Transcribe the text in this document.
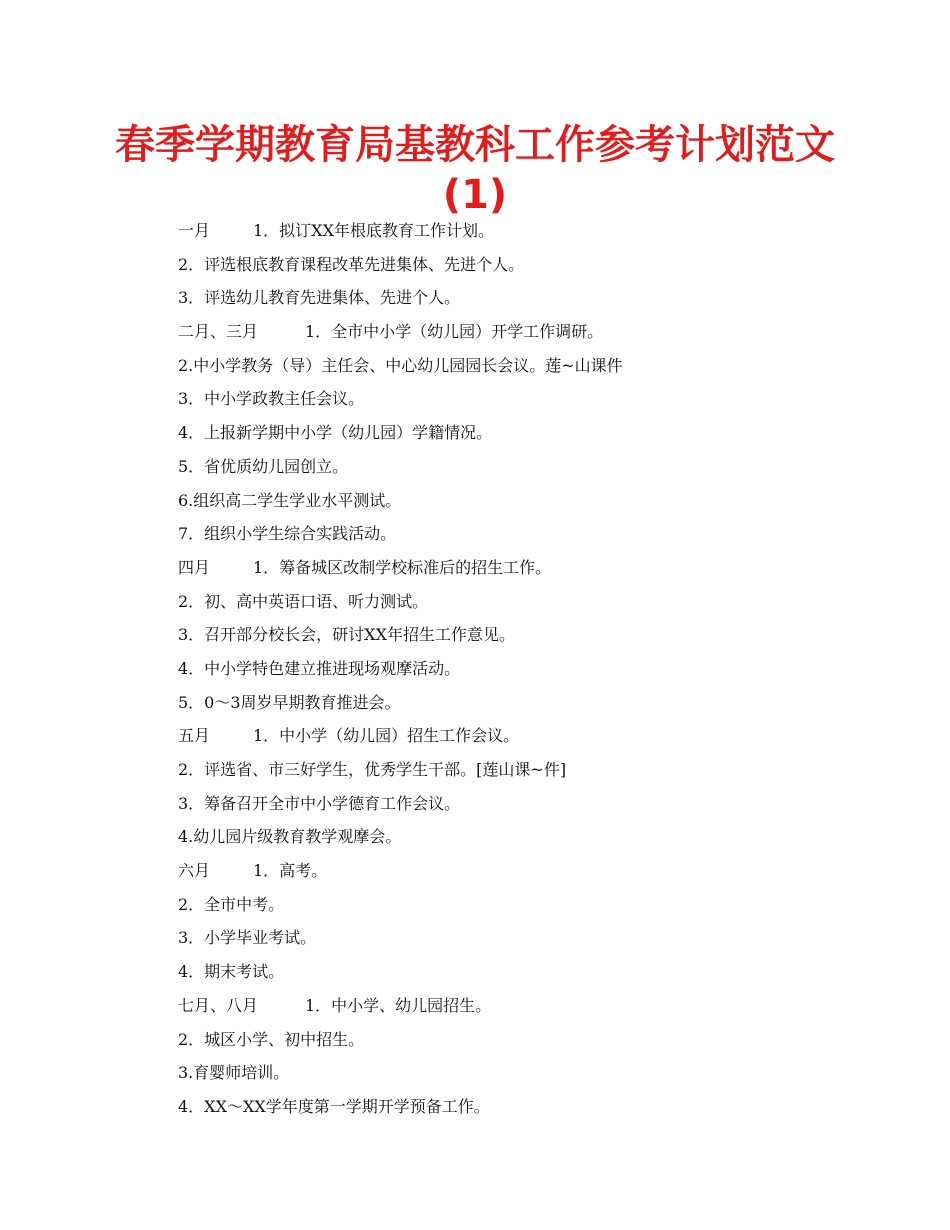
春季学期教育局基教科工作参考计划范文
(1)
一月	1．拟订XX年根底教育工作计划。
2．评选根底教育课程改革先进集体、先进个人。
3．评选幼儿教育先进集体、先进个人。
二月、三月	1．全市中小学（幼儿园）开学工作调研。
2.中小学教务（导）主任会、中心幼儿园园长会议。莲~山课件
3．中小学政教主任会议。
4．上报新学期中小学（幼儿园）学籍情况。
5．省优质幼儿园创立。
6.组织高二学生学业水平测试。
7．组织小学生综合实践活动。
四月	1．筹备城区改制学校标准后的招生工作。
2．初、高中英语口语、听力测试。
3．召开部分校长会，研讨XX年招生工作意见。
4．中小学特色建立推进现场观摩活动。
5．0～3周岁早期教育推进会。
五月	1．中小学（幼儿园）招生工作会议。
2．评选省、市三好学生，优秀学生干部。[莲山课~件]
3．筹备召开全市中小学德育工作会议。
4.幼儿园片级教育教学观摩会。
六月	1．高考。
2．全市中考。
3．小学毕业考试。
4．期末考试。
七月、八月	1．中小学、幼儿园招生。
2．城区小学、初中招生。
3.育婴师培训。
4．XX～XX学年度第一学期开学预备工作。
